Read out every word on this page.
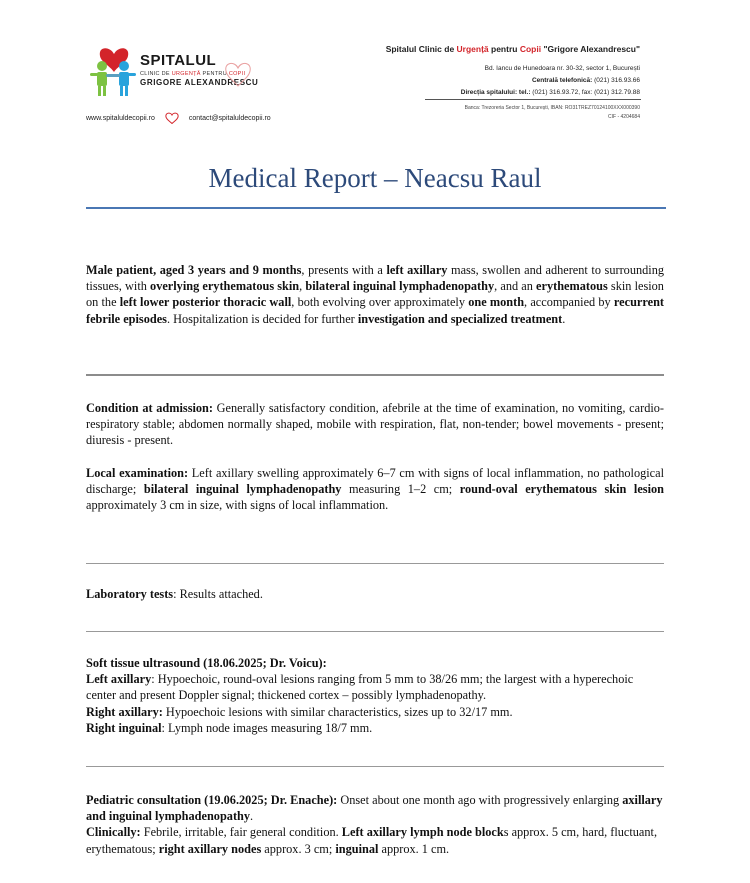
SPITALUL
CLINIC DE URGENȚĂ PENTRU COPII
GRIGORE ALEXANDRESCU
www.spitaluldecopii.ro	contact@spitaluldecopii.ro
Spitalul Clinic de Urgență pentru Copii "Grigore Alexandrescu"
Bd. Iancu de Hunedoara nr. 30-32, sector 1, București
Centrală telefonică: (021) 316.93.66
Direcția spitalului: tel.: (021) 316.93.72, fax: (021) 312.79.88
Banca: Trezoreria Sector 1, București, IBAN: RO31TREZ70124100XXX000390
CIF - 4204684
Medical Report – Neacsu Raul
Male patient, aged 3 years and 9 months, presents with a left axillary mass, swollen and adherent to surrounding tissues, with overlying erythematous skin, bilateral inguinal lymphadenopathy, and an erythematous skin lesion on the left lower posterior thoracic wall, both evolving over approximately one month, accompanied by recurrent febrile episodes. Hospitalization is decided for further investigation and specialized treatment.
Condition at admission: Generally satisfactory condition, afebrile at the time of examination, no vomiting, cardio-respiratory stable; abdomen normally shaped, mobile with respiration, flat, non-tender; bowel movements - present; diuresis - present.
Local examination: Left axillary swelling approximately 6–7 cm with signs of local inflammation, no pathological discharge; bilateral inguinal lymphadenopathy measuring 1–2 cm; round-oval erythematous skin lesion approximately 3 cm in size, with signs of local inflammation.
Laboratory tests: Results attached.
Soft tissue ultrasound (18.06.2025; Dr. Voicu):
Left axillary: Hypoechoic, round-oval lesions ranging from 5 mm to 38/26 mm; the largest with a hyperechoic center and present Doppler signal; thickened cortex – possibly lymphadenopathy.
Right axillary: Hypoechoic lesions with similar characteristics, sizes up to 32/17 mm.
Right inguinal: Lymph node images measuring 18/7 mm.
Pediatric consultation (19.06.2025; Dr. Enache): Onset about one month ago with progressively enlarging axillary and inguinal lymphadenopathy.
Clinically: Febrile, irritable, fair general condition. Left axillary lymph node blocks approx. 5 cm, hard, fluctuant, erythematous; right axillary nodes approx. 3 cm; inguinal approx. 1 cm.
